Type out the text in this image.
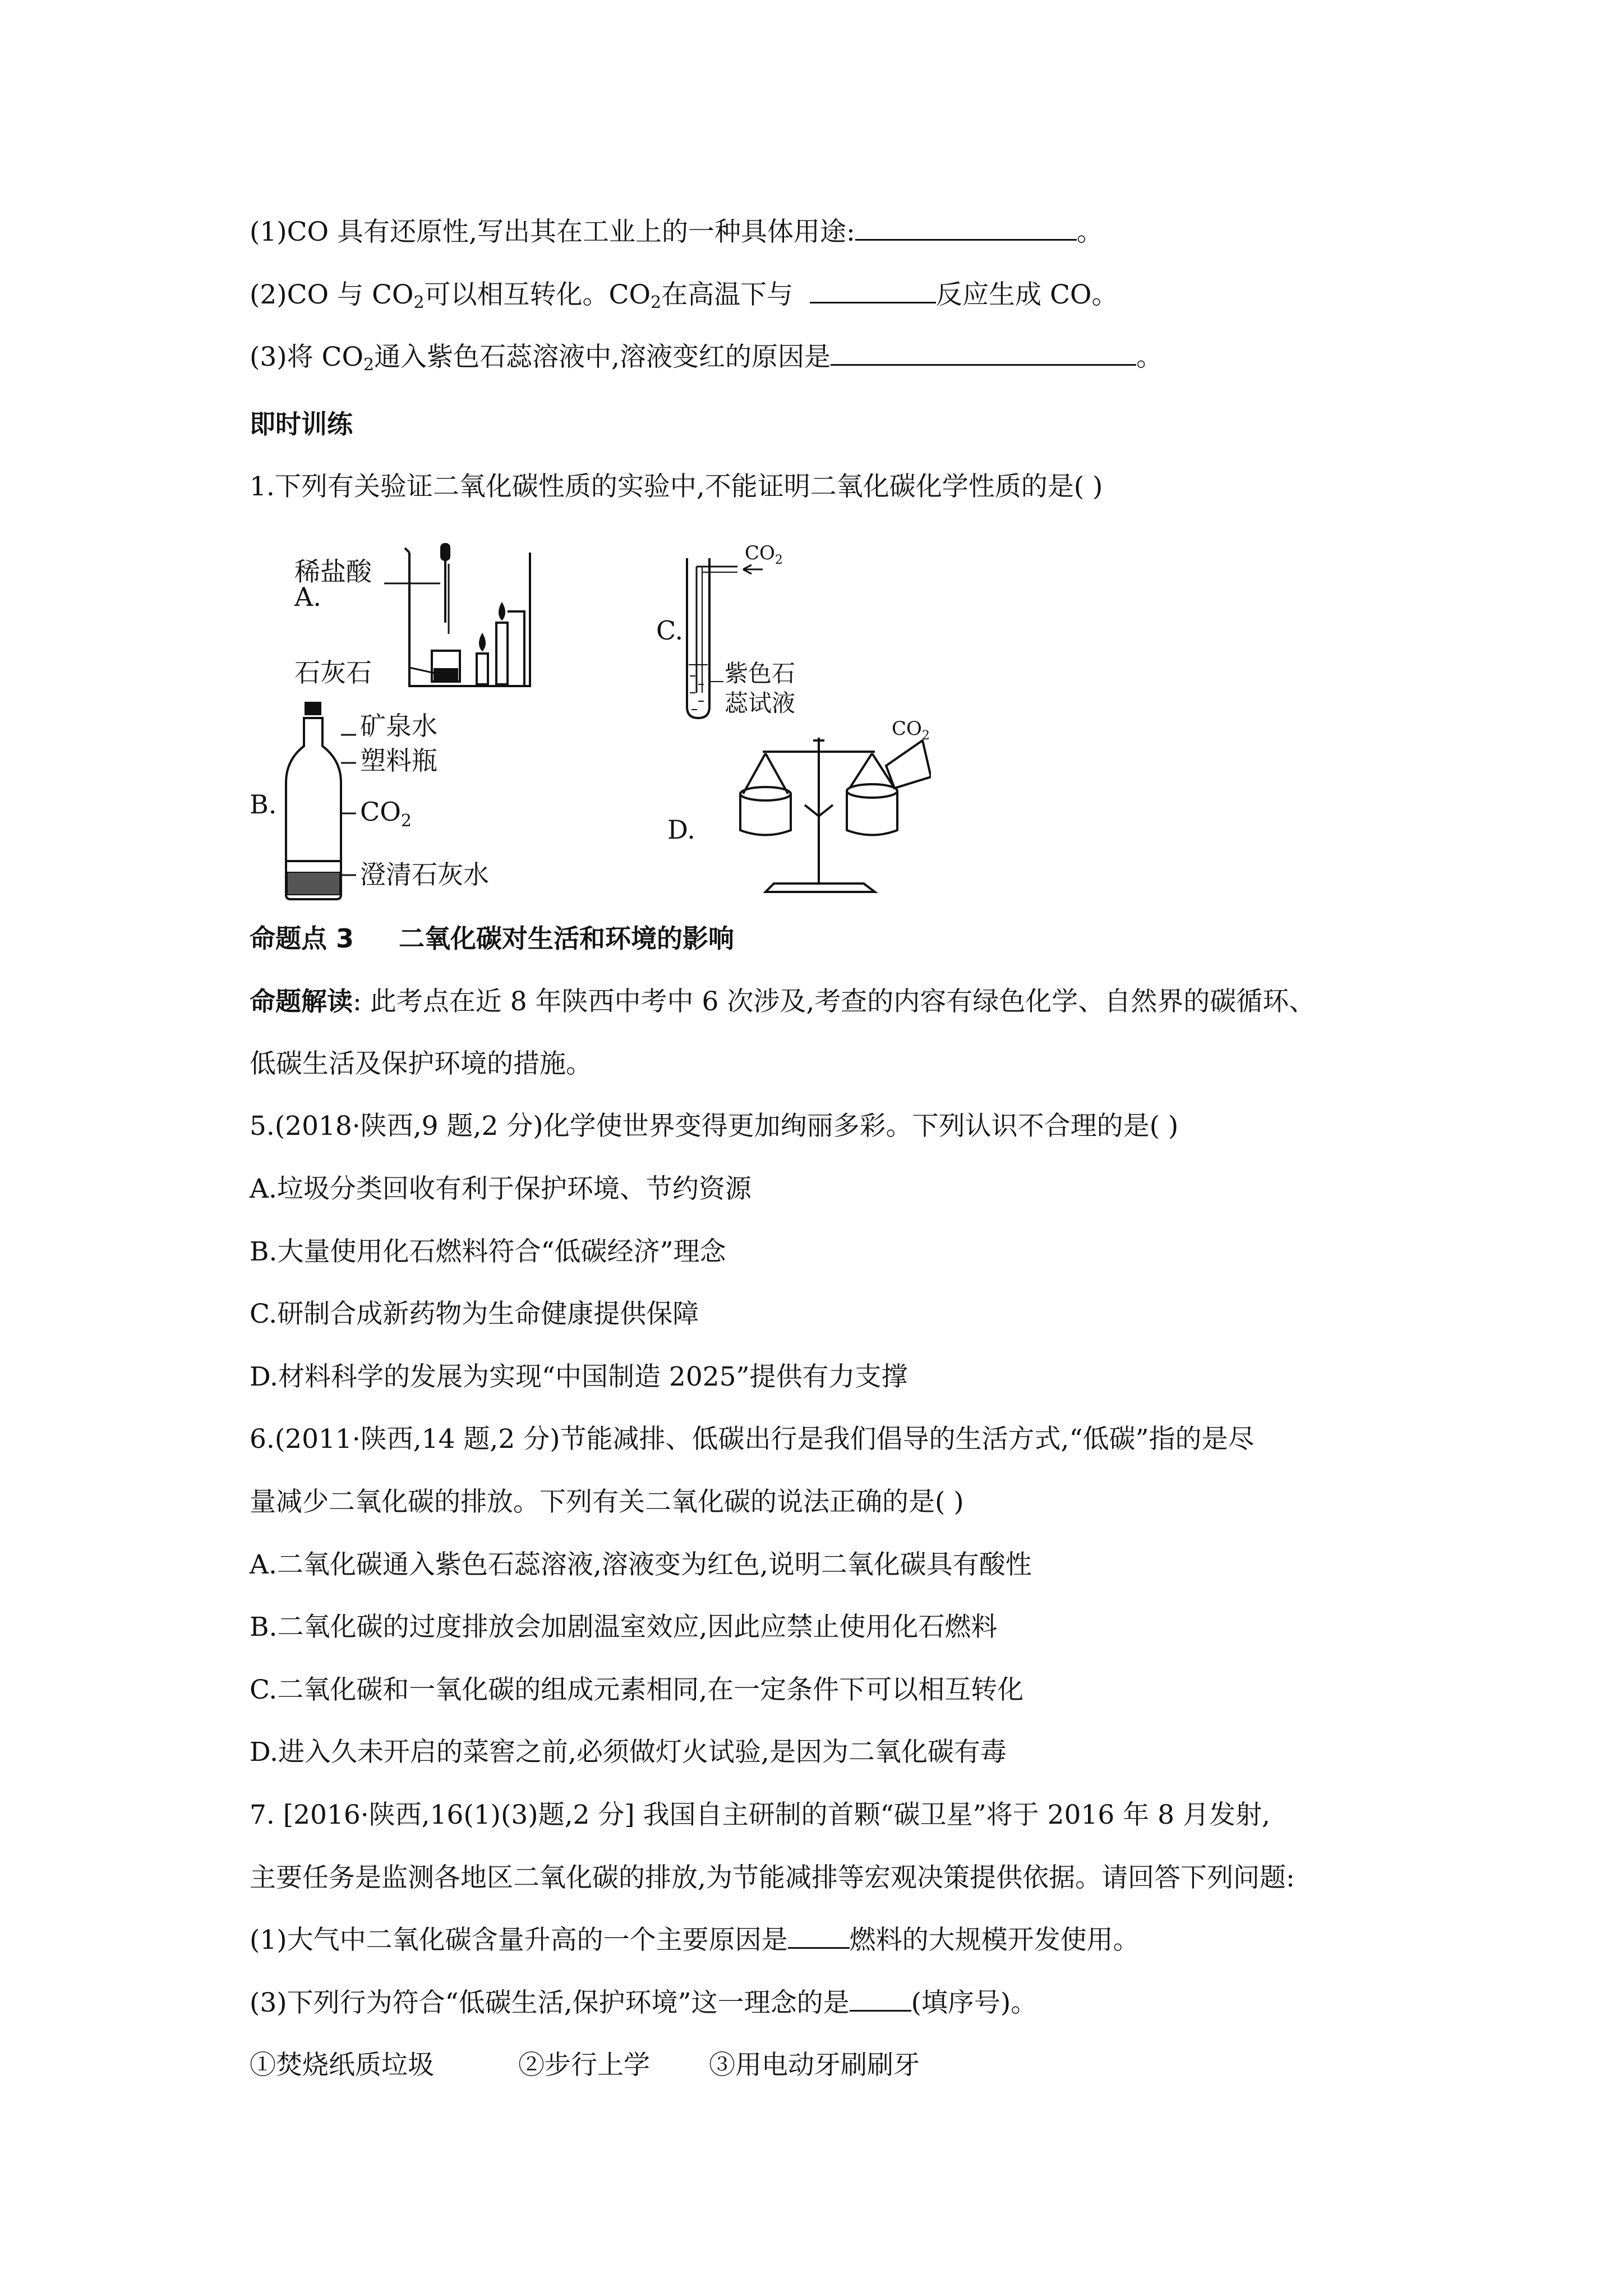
(1)CO 具有还原性,写出其在工业上的一种具体用途:	。
(2)CO 与 $CO_2$可以相互转化。$CO_2$在高温下与	反应生成 CO。
(3)将 $CO_2$通入紫色石蕊溶液中,溶液变红的原因是	。
即时训练
1.下列有关验证二氧化碳性质的实验中,不能证明二氧化碳化学性质的是( )
A.
稀盐酸
石灰石
B.
矿泉水
塑料瓶
$CO_2$
澄清石灰水
C.
$CO_2$
紫色石
蕊试液
D.
$CO_2$
命题点 3 二氧化碳对生活和环境的影响
命题解读: 此考点在近 8 年陕西中考中 6 次涉及,考查的内容有绿色化学、自然界的碳循环、
低碳生活及保护环境的措施。
5.(2018·陕西,9 题,2 分)化学使世界变得更加绚丽多彩。下列认识不合理的是( )
A.垃圾分类回收有利于保护环境、节约资源
B.大量使用化石燃料符合“低碳经济”理念
C.研制合成新药物为生命健康提供保障
D.材料科学的发展为实现“中国制造 2025”提供有力支撑
6.(2011·陕西,14 题,2 分)节能减排、低碳出行是我们倡导的生活方式,“低碳”指的是尽
量减少二氧化碳的排放。下列有关二氧化碳的说法正确的是( )
A.二氧化碳通入紫色石蕊溶液,溶液变为红色,说明二氧化碳具有酸性
B.二氧化碳的过度排放会加剧温室效应,因此应禁止使用化石燃料
C.二氧化碳和一氧化碳的组成元素相同,在一定条件下可以相互转化
D.进入久未开启的菜窖之前,必须做灯火试验,是因为二氧化碳有毒
7. [2016·陕西,16(1)(3)题,2 分] 我国自主研制的首颗“碳卫星”将于 2016 年 8 月发射,
主要任务是监测各地区二氧化碳的排放,为节能减排等宏观决策提供依据。请回答下列问题:
(1)大气中二氧化碳含量升高的一个主要原因是 燃料的大规模开发使用。
(3)下列行为符合“低碳生活,保护环境”这一理念的是 (填序号)。
①焚烧纸质垃圾	②步行上学 ③用电动牙刷刷牙
